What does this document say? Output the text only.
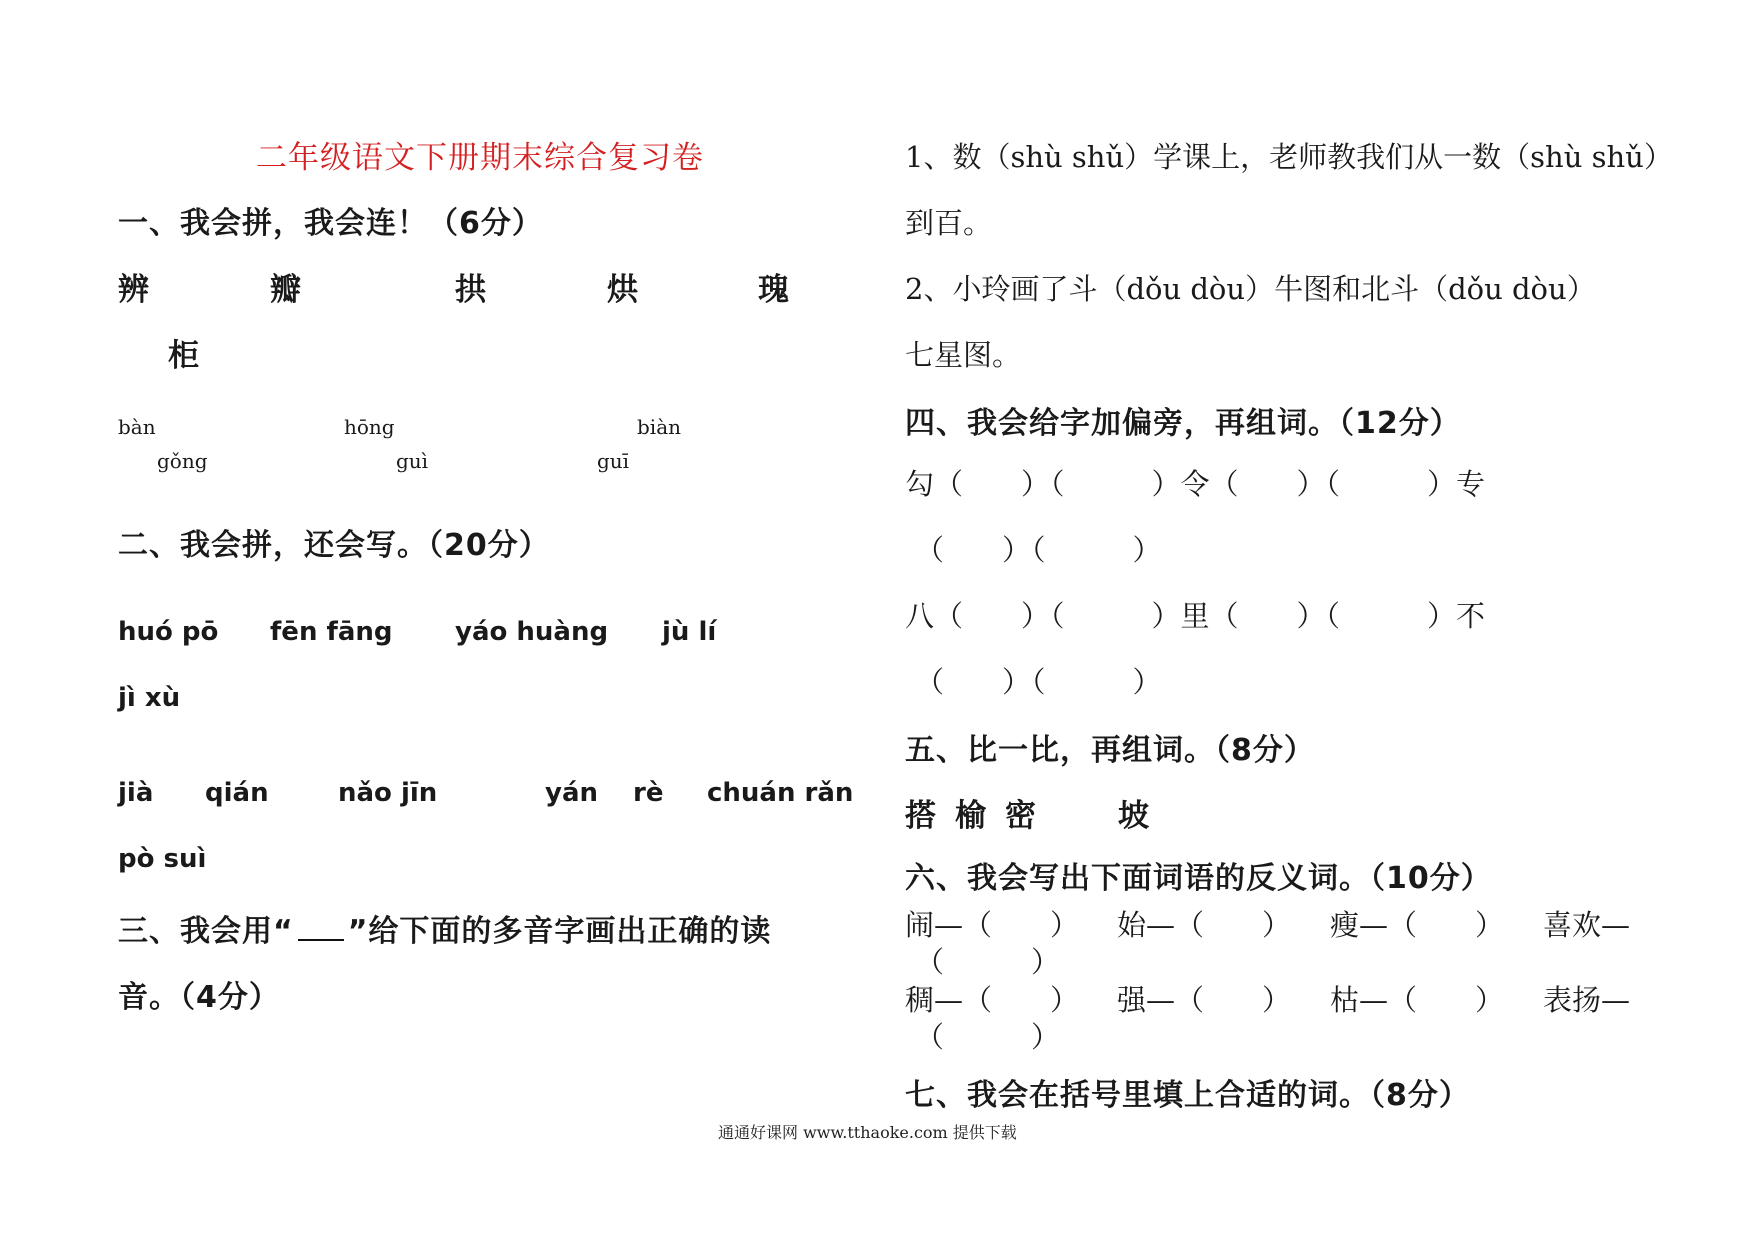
二年级语文下册期末综合复习卷
一、我会拼，我会连！（6分）
辨	瓣	拱	烘	瑰
柜
bàn	hōng	biàn
gǒng	guì	guī
二、我会拼，还会写。（20分）
huó pō fēn fāng yáo huàng jù lí
jì xù
jià qián	nǎo jīn	yán rè chuán rǎn
pò suì
三、我会用“ ”给下面的多音字画出正确的读
音。（4分）
1、数（shù shǔ）学课上，老师教我们从一数（shù shǔ）
到百。
2、小玲画了斗（dǒu dòu）牛图和北斗（dǒu dòu）
七星图。
四、我会给字加偏旁，再组词。（12分）
勾（　　）（　　　）令（　　）（　　　）专
（　　）（　　　）
八（　　）（　　　）里（　　）（　　　）不
（　　）（　　　）
五、比一比，再组词。（8分）
搭 榆 密	坡
六、我会写出下面词语的反义词。（10分）
闹—（　　） 始—（　　） 瘦—（　　） 喜欢—
（　　　）
稠—（　　） 强—（　　） 枯—（　　） 表扬—
（　　　）
七、我会在括号里填上合适的词。（8分）
通通好课网 www.tthaoke.com 提供下载
